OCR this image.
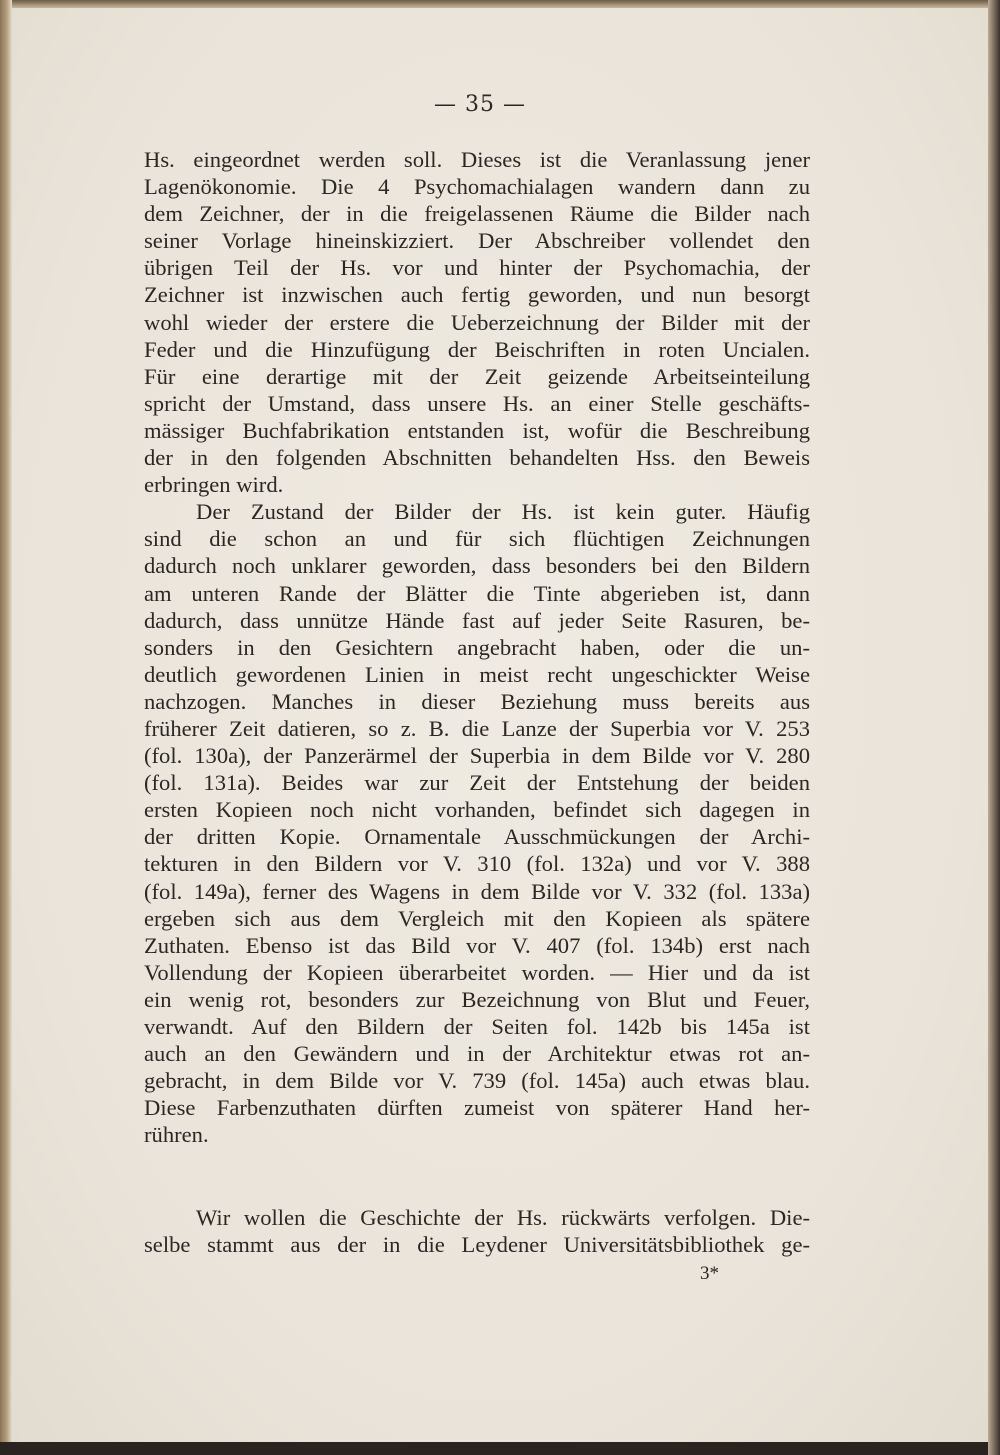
— 35 —
Hs. eingeordnet werden soll. Dieses ist die Veranlassung jener
Lagenökonomie. Die 4 Psychomachialagen wandern dann zu
dem Zeichner, der in die freigelassenen Räume die Bilder nach
seiner Vorlage hineinskizziert. Der Abschreiber vollendet den
übrigen Teil der Hs. vor und hinter der Psychomachia, der
Zeichner ist inzwischen auch fertig geworden, und nun besorgt
wohl wieder der erstere die Ueberzeichnung der Bilder mit der
Feder und die Hinzufügung der Beischriften in roten Uncialen.
Für eine derartige mit der Zeit geizende Arbeitseinteilung
spricht der Umstand, dass unsere Hs. an einer Stelle geschäfts-
mässiger Buchfabrikation entstanden ist, wofür die Beschreibung
der in den folgenden Abschnitten behandelten Hss. den Beweis
erbringen wird.
Der Zustand der Bilder der Hs. ist kein guter. Häufig
sind die schon an und für sich flüchtigen Zeichnungen
dadurch noch unklarer geworden, dass besonders bei den Bildern
am unteren Rande der Blätter die Tinte abgerieben ist, dann
dadurch, dass unnütze Hände fast auf jeder Seite Rasuren, be-
sonders in den Gesichtern angebracht haben, oder die un-
deutlich gewordenen Linien in meist recht ungeschickter Weise
nachzogen. Manches in dieser Beziehung muss bereits aus
früherer Zeit datieren, so z. B. die Lanze der Superbia vor V. 253
(fol. 130a), der Panzerärmel der Superbia in dem Bilde vor V. 280
(fol. 131a). Beides war zur Zeit der Entstehung der beiden
ersten Kopieen noch nicht vorhanden, befindet sich dagegen in
der dritten Kopie. Ornamentale Ausschmückungen der Archi-
tekturen in den Bildern vor V. 310 (fol. 132a) und vor V. 388
(fol. 149a), ferner des Wagens in dem Bilde vor V. 332 (fol. 133a)
ergeben sich aus dem Vergleich mit den Kopieen als spätere
Zuthaten. Ebenso ist das Bild vor V. 407 (fol. 134b) erst nach
Vollendung der Kopieen überarbeitet worden. — Hier und da ist
ein wenig rot, besonders zur Bezeichnung von Blut und Feuer,
verwandt. Auf den Bildern der Seiten fol. 142b bis 145a ist
auch an den Gewändern und in der Architektur etwas rot an-
gebracht, in dem Bilde vor V. 739 (fol. 145a) auch etwas blau.
Diese Farbenzuthaten dürften zumeist von späterer Hand her-
rühren.
Wir wollen die Geschichte der Hs. rückwärts verfolgen. Die-
selbe stammt aus der in die Leydener Universitätsbibliothek ge-
3*
